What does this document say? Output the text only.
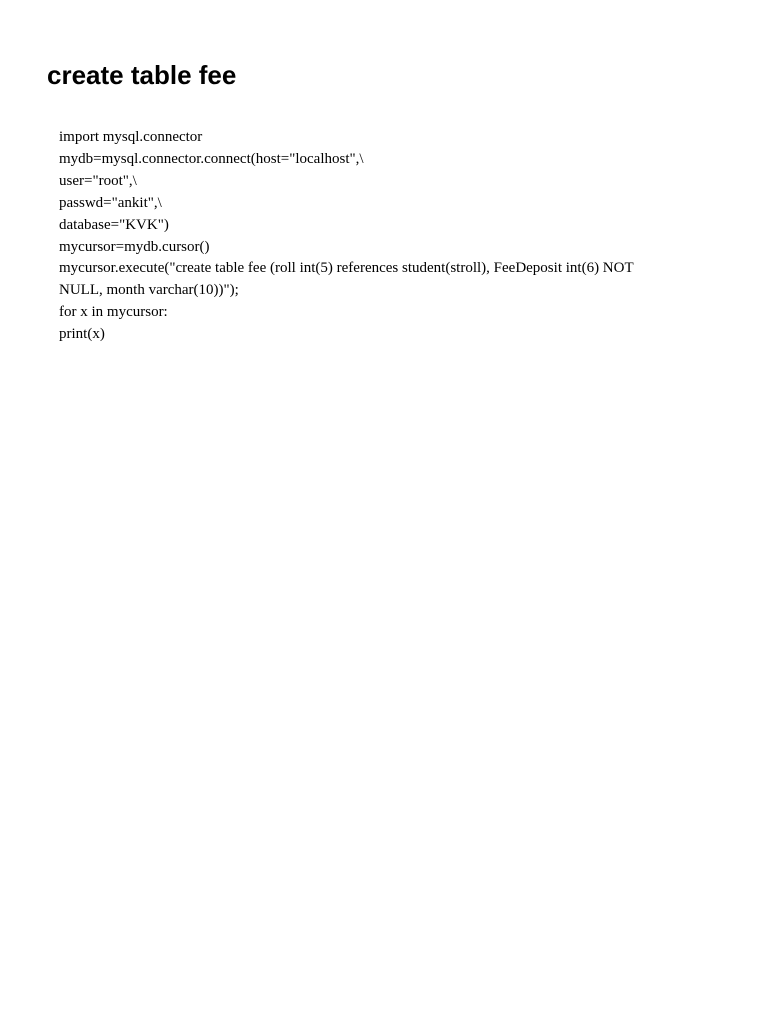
create table fee
import mysql.connector
mydb=mysql.connector.connect(host="localhost",\
user="root",\
passwd="ankit",\
database="KVK")
mycursor=mydb.cursor()
mycursor.execute("create table fee (roll int(5) references student(stroll), FeeDeposit int(6) NOT
NULL, month varchar(10))");
for x in mycursor:
print(x)
